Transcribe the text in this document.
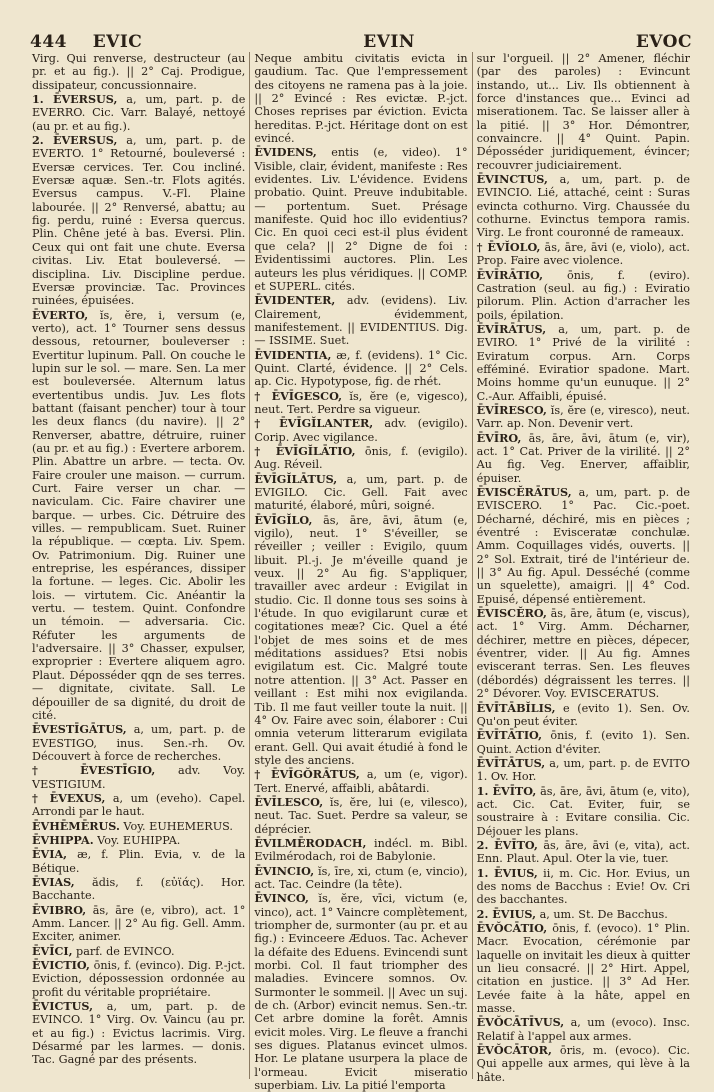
444 EVIC	EVIN	EVOC
Virg. Qui renverse, destructeur (au pr. et au fig.). || 2° Caj. Prodigue, dissipateur, concussionnaire.
1. ĒVERSUS, a, um, part. p. de EVERRO. Cic. Varr. Balayé, nettoyé (au pr. et au fig.).
2. ĒVERSUS, a, um, part. p. de EVERTO. 1° Retourné, bouleversé : Eversæ cervices. Ter. Cou incliné. Eversæ aquæ. Sen.-tr. Flots agités. Eversus campus. V.-Fl. Plaine labourée. || 2° Renversé, abattu; au fig. perdu, ruiné : Eversa quercus. Plin. Chêne jeté à bas. Eversi. Plin. Ceux qui ont fait une chute. Eversa civitas. Liv. Etat bouleversé. — disciplina. Liv. Discipline perdue. Eversæ provinciæ. Tac. Provinces ruinées, épuisées.
ĒVERTO, ĭs, ĕre, i, versum (e, verto), act. 1° Tourner sens dessus dessous, retourner, bouleverser : Evertitur lupinum. Pall. On couche le lupin sur le sol. — mare. Sen. La mer est bouleversée. Alternum latus evertentibus undis. Juv. Les flots battant (faisant pencher) tour à tour les deux flancs (du navire). || 2° Renverser, abattre, détruire, ruiner (au pr. et au fig.) : Evertere arborem. Plin. Abattre un arbre. — tecta. Ov. Faire crouler une maison. — currum. Curt. Faire verser un char. — naviculam. Cic. Faire chavirer une barque. — urbes. Cic. Détruire des villes. — rempublicam. Suet. Ruiner la république. — cœpta. Liv. Spem. Ov. Patrimonium. Dig. Ruiner une entreprise, les espérances, dissiper la fortune. — leges. Cic. Abolir les lois. — virtutem. Cic. Anéantir la vertu. — testem. Quint. Confondre un témoin. — adversaria. Cic. Réfuter les arguments de l'adversaire. || 3° Chasser, expulser, exproprier : Evertere aliquem agro. Plaut. Déposséder qqn de ses terres. — dignitate, civitate. Sall. Le dépouiller de sa dignité, du droit de cité.
ĒVESTĪGĀTUS, a, um, part. p. de EVESTIGO, inus. Sen.-rh. Ov. Découvert à force de recherches.
† ĒVESTĪGIO, adv. Voy. VESTIGIUM.
† ĒVEXUS, a, um (eveho). Capel. Arrondi par le haut.
ĒVHĒMĒRUS. Voy. EUHEMERUS.
ĒVHIPPA. Voy. EUHIPPA.
ĒVIA, æ, f. Plin. Evia, v. de la Bétique.
ĒVIAS, ădis, f. (εὐϊάς). Hor. Bacchante.
ĒVIBRO, ās, āre (e, vibro), act. 1° Amm. Lancer. || 2° Au fig. Gell. Amm. Exciter, animer.
ĒVĪCI, parf. de EVINCO.
ĒVICTIO, ōnis, f. (evinco). Dig. P.-jct. Eviction, dépossession ordonnée au profit du véritable propriétaire.
ĒVICTUS, a, um, part. p. de EVINCO. 1° Virg. Ov. Vaincu (au pr. et au fig.) : Evictus lacrimis. Virg. Désarmé par les larmes. — donis. Tac. Gagné par des présents.
Neque ambitu civitatis evicta in gaudium. Tac. Que l'empressement des citoyens ne ramena pas à la joie. || 2° Evincé : Res evictæ. P.-jct. Choses reprises par éviction. Evicta hereditas. P.-jct. Héritage dont on est evincé.
ĒVIDENS, entis (e, video). 1° Visible, clair, évident, manifeste : Res evidentes. Liv. L'évidence. Evidens probatio. Quint. Preuve indubitable. — portentum. Suet. Présage manifeste. Quid hoc illo evidentius? Cic. En quoi ceci est-il plus évident que cela? || 2° Digne de foi : Evidentissimi auctores. Plin. Les auteurs les plus véridiques. || COMP. et SUPERL. cités.
ĒVIDENTER, adv. (evidens). Liv. Clairement, évidemment, manifestement. || EVIDENTIUS. Dig. — ISSIME. Suet.
ĒVIDENTIA, æ, f. (evidens). 1° Cic. Quint. Clarté, évidence. || 2° Cels. ap. Cic. Hypotypose, fig. de rhét.
† ĒVĪGESCO, ĭs, ĕre (e, vigesco), neut. Tert. Perdre sa vigueur.
† ĒVĪGĬLANTER, adv. (evigilo). Corip. Avec vigilance.
† ĒVĪGĬLĀTIO, ōnis, f. (evigilo). Aug. Réveil.
ĒVĪGĬLĀTUS, a, um, part. p. de EVIGILO. Cic. Gell. Fait avec maturité, élaboré, mûri, soigné.
ĒVĪGĬLO, ās, āre, āvi, ātum (e, vigilo), neut. 1° S'éveiller, se réveiller ; veiller : Evigilo, quum libuit. Pl.-j. Je m'éveille quand je veux. || 2° Au fig. S'appliquer, travailler avec ardeur : Evigilat in studio. Cic. Il donne tous ses soins à l'étude. In quo evigilarunt curæ et cogitationes meæ? Cic. Quel a été l'objet de mes soins et de mes méditations assidues? Etsi nobis evigilatum est. Cic. Malgré toute notre attention. || 3° Act. Passer en veillant : Est mihi nox evigilanda. Tib. Il me faut veiller toute la nuit. || 4° Ov. Faire avec soin, élaborer : Cui omnia veterum litterarum evigilata erant. Gell. Qui avait étudié à fond le style des anciens.
† ĒVĪGŎRĀTUS, a, um (e, vigor). Tert. Enervé, affaibli, abâtardi.
ĒVĪLESCO, ĭs, ĕre, lui (e, vilesco), neut. Tac. Suet. Perdre sa valeur, se déprécier.
ĒVILMĒRODACH, indécl. m. Bibl. Evilmérodach, roi de Babylonie.
ĒVINCIO, ĭs, īre, xi, ctum (e, vincio), act. Tac. Ceindre (la tête).
ĒVINCO, ĭs, ĕre, vīci, victum (e, vinco), act. 1° Vaincre complètement, triompher de, surmonter (au pr. et au fig.) : Evinceere Æduos. Tac. Achever la défaite des Eduens. Evincendi sunt morbi. Col. Il faut triompher des maladies. Evincere somnos. Ov. Surmonter le sommeil. || Avec un suj. de ch. (Arbor) evincit nemus. Sen.-tr. Cet arbre domine la forêt. Amnis evicit moles. Virg. Le fleuve a franchi ses digues. Platanus evincet ulmos. Hor. Le platane usurpera la place de l'ormeau. Evicit miseratio superbiam. Liv. La pitié l'emporta
sur l'orgueil. || 2° Amener, fléchir (par des paroles) : Evincunt instando, ut... Liv. Ils obtiennent à force d'instances que... Evinci ad miserationem. Tac. Se laisser aller à la pitié. || 3° Hor. Démontrer, convaincre. || 4° Quint. Papin. Déposséder juridiquement, évincer; recouvrer judiciairement.
ĒVINCTUS, a, um, part. p. de EVINCIO. Lié, attaché, ceint : Suras evincta cothurno. Virg. Chaussée du cothurne. Evinctus tempora ramis. Virg. Le front couronné de rameaux.
† ĒVĬOLO, ās, āre, āvi (e, violo), act. Prop. Faire avec violence.
ĒVĪRĀTIO, ōnis, f. (eviro). Castration (seul. au fig.) : Eviratio pilorum. Plin. Action d'arracher les poils, épilation.
ĒVĪRĀTUS, a, um, part. p. de EVIRO. 1° Privé de la virilité : Eviratum corpus. Arn. Corps efféminé. Eviratior spadone. Mart. Moins homme qu'un eunuque. || 2° C.-Aur. Affaibli, épuisé.
ĒVĪRESCO, ĭs, ĕre (e, viresco), neut. Varr. ap. Non. Devenir vert.
ĒVĪRO, ās, āre, āvi, ātum (e, vir), act. 1° Cat. Priver de la virilité. || 2° Au fig. Veg. Enerver, affaiblir, épuiser.
ĒVISCĔRĀTUS, a, um, part. p. de EVISCERO. 1° Pac. Cic.-poet. Décharné, déchiré, mis en pièces ; éventré : Evisceratæ conchulæ. Amm. Coquillages vidés, ouverts. || 2° Sol. Extrait, tiré de l'intérieur de. || 3° Au fig. Apul. Desséché (comme un squelette), amaigri. || 4° Cod. Epuisé, dépensé entièrement.
ĒVISCĔRO, ās, āre, ātum (e, viscus), act. 1° Virg. Amm. Décharner, déchirer, mettre en pièces, dépecer, éventrer, vider. || Au fig. Amnes eviscerant terras. Sen. Les fleuves (débordés) dégraissent les terres. || 2° Dévorer. Voy. EVISCERATUS.
ĒVĪTĀBĬLIS, e (evito 1). Sen. Ov. Qu'on peut éviter.
ĒVĪTĀTIO, ōnis, f. (evito 1). Sen. Quint. Action d'éviter.
ĒVĪTĀTUS, a, um, part. p. de EVITO 1. Ov. Hor.
1. ĒVĪTO, ās, āre, āvi, ātum (e, vito), act. Cic. Cat. Eviter, fuir, se soustraire à : Evitare consilia. Cic. Déjouer les plans.
2. ĒVĪTO, ās, āre, āvi (e, vita), act. Enn. Plaut. Apul. Oter la vie, tuer.
1. ĒVIUS, ii, m. Cic. Hor. Evius, un des noms de Bacchus : Evie! Ov. Cri des bacchantes.
2. ĒVIUS, a, um. St. De Bacchus.
ĒVŎCĀTIO, ōnis, f. (evoco). 1° Plin. Macr. Evocation, cérémonie par laquelle on invitait les dieux à quitter un lieu consacré. || 2° Hirt. Appel, citation en justice. || 3° Ad Her. Levée faite à la hâte, appel en masse.
ĒVŎCĀTĪVUS, a, um (evoco). Insc. Relatif à l'appel aux armes.
ĒVŎCĀTOR, ōris, m. (evoco). Cic. Qui appelle aux armes, qui lève à la hâte.
